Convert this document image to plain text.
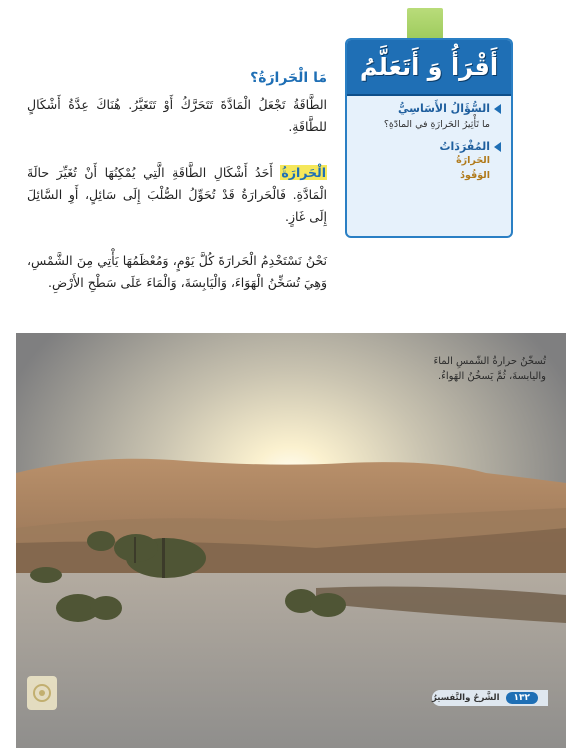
أَقْرَأُ وَ أَتَعَلَّمُ
السُّؤَالُ الأَسَاسِيُّ
ما تَأْثِيرُ الحَرارَةِ في المادّةِ؟
المُفْرَدَاتُ
الحَرارَةُ
الوَقُودُ
مَا الْحَرارَةُ؟

الطَّاقَةُ تَجْعَلُ الْمَادَّةَ تَتَحَرَّكُ أَوْ تَتَغَيَّرُ. هُنَاكَ عِدَّةُ أَشْكَالٍ للطَّاقَةِ.

الْحَرارَةُ أَحَدُ أَشْكَالِ الطَّاقَةِ الَّتِي يُمْكِنُهَا أَنْ تُغَيِّرَ حالَةَ الْمَادَّةِ. فَالْحَرارَةُ قَدْ تُحَوِّلُ الصُّلْبَ إِلَى سَائِلٍ، أَوِ السَّائِلَ إِلَى غَازٍ.

نَحْنُ نَسْتَخْدِمُ الْحَرارَةَ كُلَّ يَوْمٍ، وَمُعْظَمُهَا يَأْتِي مِنَ الشَّمْسِ، وَهِيَ تُسَخِّنُ الْهَوَاءَ، وَالْيَابِسَةَ، وَالْمَاءَ عَلَى سَطْحِ الأَرْضِ.

تُسخّنُ حرارةُ الشّمسِ الماءَ
واليابسةَ، ثُمَّ يَسخُنُ الهَواءُ.
١٣٢
الشَّرحُ والتَّفسيرُ
